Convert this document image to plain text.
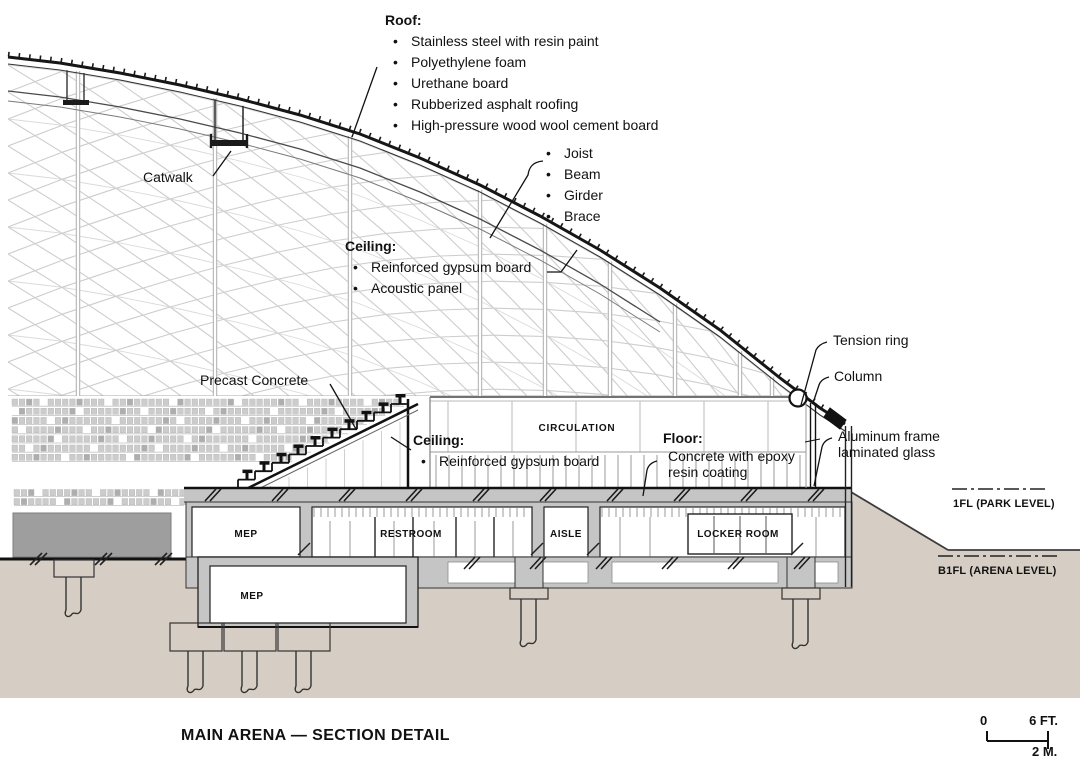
Roof:
• Stainless steel with resin paint
• Polyethylene foam
• Urethane board
• Rubberized asphalt roofing
• High-pressure wood wool cement board
• Joist
• Beam
• Girder
• Brace
Ceiling:
• Reinforced gypsum board
• Acoustic panel
Catwalk
Precast Concrete
Ceiling:
• Reinforced gypsum board
CIRCULATION
Floor:
Concrete with epoxy resin coating
Tension ring
Column
Aluminum frame laminated glass
1FL (PARK LEVEL)
B1FL (ARENA LEVEL)
MEP	RESTROOM	AISLE	LOCKER ROOM
MEP
MAIN ARENA — SECTION DETAIL
0	6 FT.
2 M.
